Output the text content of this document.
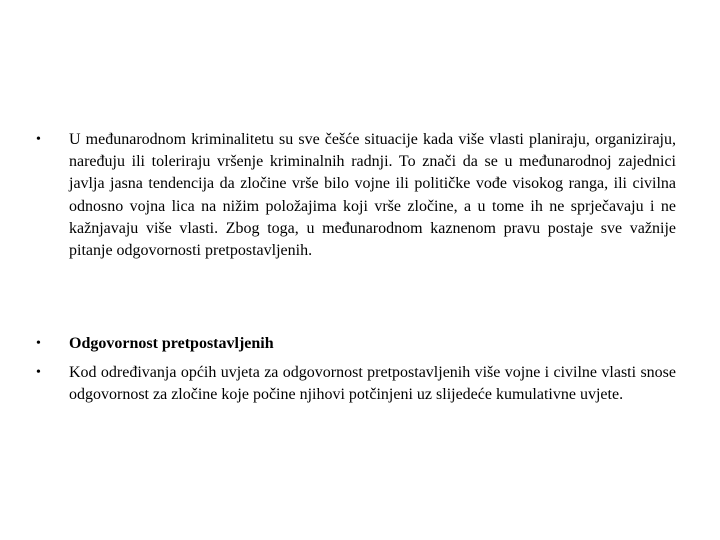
•	U međunarodnom kriminalitetu su sve češće situacije kada više vlasti planiraju, organiziraju, naređuju ili toleriraju vršenje kriminalnih radnji. To znači da se u međunarodnoj zajednici javlja jasna tendencija da zločine vrše bilo vojne ili političke vođe visokog ranga, ili civilna odnosno vojna lica na nižim položajima koji vrše zločine, a u tome ih ne sprječavaju i ne kažnjavaju više vlasti. Zbog toga, u međunarodnom kaznenom pravu postaje sve važnije pitanje odgovornosti pretpostavljenih.
•	Odgovornost pretpostavljenih
•	Kod određivanja općih uvjeta za odgovornost pretpostavljenih više vojne i civilne vlasti snose odgovornost za zločine koje počine njihovi potčinjeni uz slijedeće kumulativne uvjete.
